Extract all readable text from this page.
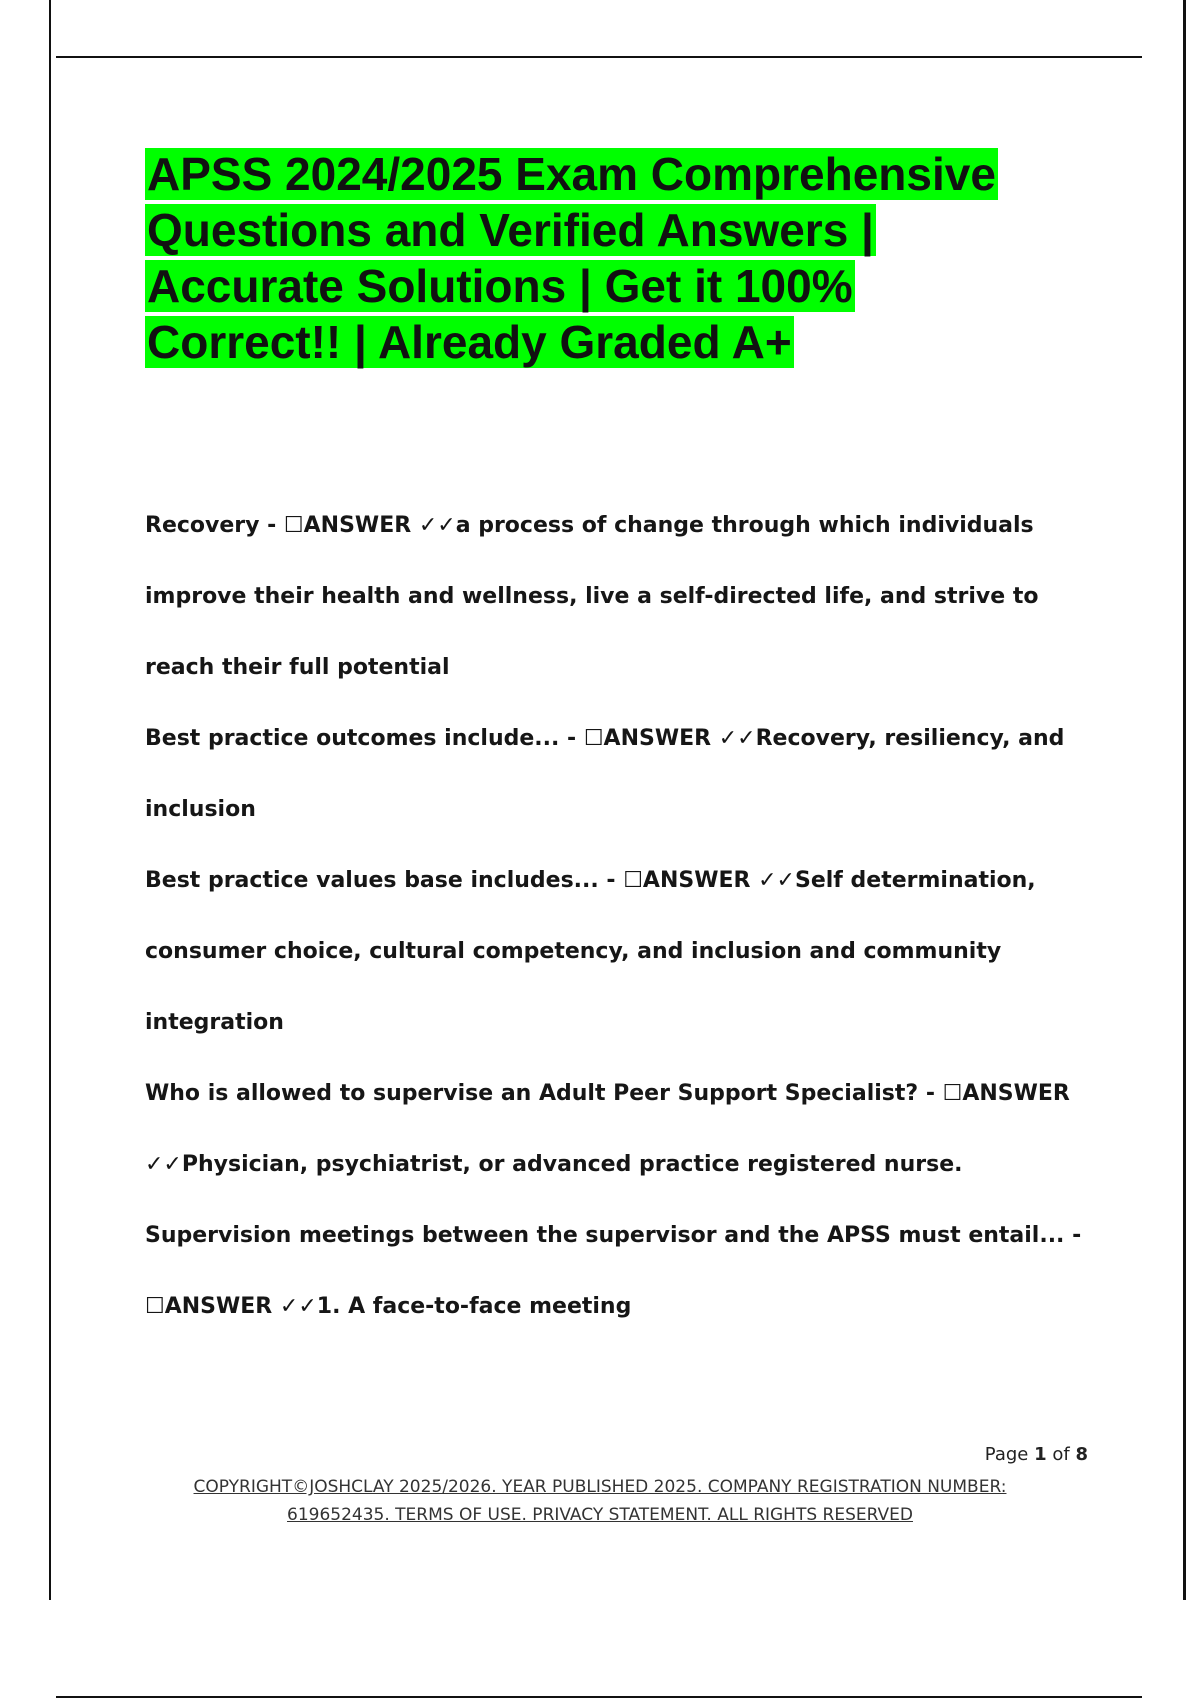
APSS 2024/2025 Exam Comprehensive Questions and Verified Answers | Accurate Solutions | Get it 100% Correct!! | Already Graded A+

Recovery - ☐ANSWER ✓✓a process of change through which individuals improve their health and wellness, live a self-directed life, and strive to reach their full potential

Best practice outcomes include... - ☐ANSWER ✓✓Recovery, resiliency, and inclusion

Best practice values base includes... - ☐ANSWER ✓✓Self determination, consumer choice, cultural competency, and inclusion and community integration

Who is allowed to supervise an Adult Peer Support Specialist? - ☐ANSWER ✓✓Physician, psychiatrist, or advanced practice registered nurse.

Supervision meetings between the supervisor and the APSS must entail... - ☐ANSWER ✓✓1. A face-to-face meeting

Page 1 of 8
COPYRIGHT©JOSHCLAY 2025/2026. YEAR PUBLISHED 2025. COMPANY REGISTRATION NUMBER:
619652435. TERMS OF USE. PRIVACY STATEMENT. ALL RIGHTS RESERVED
